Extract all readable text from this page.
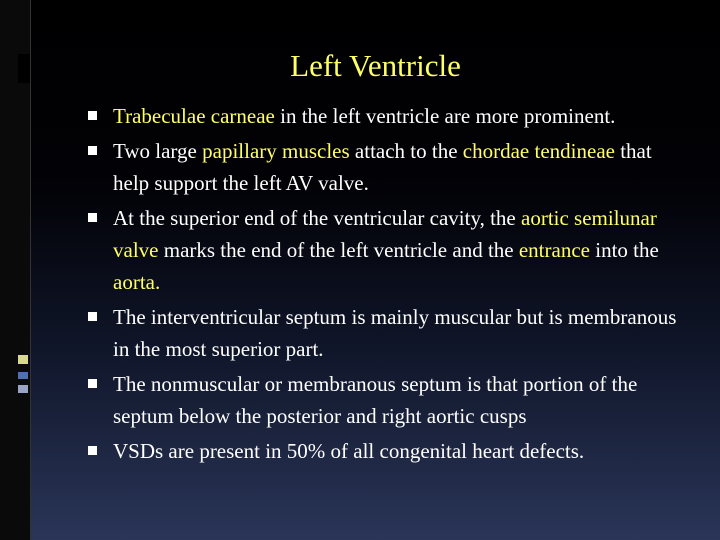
Left Ventricle
Trabeculae carneae in the left ventricle are more prominent.
Two large papillary muscles attach to the chordae tendineae that help support the left AV valve.
At the superior end of the ventricular cavity, the aortic semilunar valve marks the end of the left ventricle and the entrance into the aorta.
The interventricular septum is mainly muscular but is membranous in the most superior part.
The nonmuscular or membranous septum is that portion of the septum below the posterior and right aortic cusps
VSDs are present in 50% of all congenital heart defects.
